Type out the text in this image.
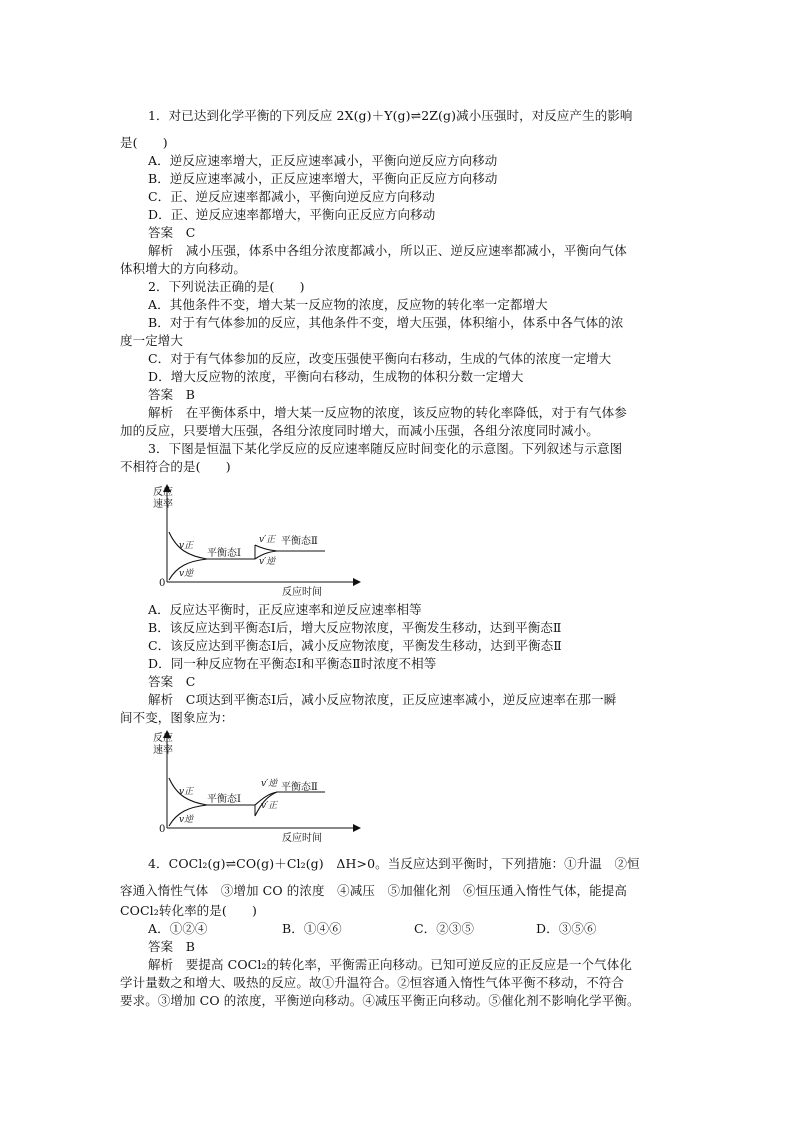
1．对已达到化学平衡的下列反应 2X(g)＋Y(g)⇌2Z(g)减小压强时，对反应产生的影响
是(　　)
A．逆反应速率增大，正反应速率减小，平衡向逆反应方向移动
B．逆反应速率减小，正反应速率增大，平衡向正反应方向移动
C．正、逆反应速率都减小，平衡向逆反应方向移动
D．正、逆反应速率都增大，平衡向正反应方向移动
答案　C
解析　减小压强，体系中各组分浓度都减小，所以正、逆反应速率都减小，平衡向气体
体积增大的方向移动。
2．下列说法正确的是(　　)
A．其他条件不变，增大某一反应物的浓度，反应物的转化率一定都增大
B．对于有气体参加的反应，其他条件不变，增大压强，体积缩小，体系中各气体的浓
度一定增大
C．对于有气体参加的反应，改变压强使平衡向右移动，生成的气体的浓度一定增大
D．增大反应物的浓度，平衡向右移动，生成物的体积分数一定增大
答案　B
解析　在平衡体系中，增大某一反应物的浓度，该反应物的转化率降低，对于有气体参
加的反应，只要增大压强，各组分浓度同时增大，而减小压强，各组分浓度同时减小。
3．下图是恒温下某化学反应的反应速率随反应时间变化的示意图。下列叙述与示意图
不相符合的是(　　)
反应
速率
0
反应时间
v正
v逆
平衡态Ⅰ
v′正
v′逆
平衡态Ⅱ
A．反应达平衡时，正反应速率和逆反应速率相等
B．该反应达到平衡态Ⅰ后，增大反应物浓度，平衡发生移动，达到平衡态Ⅱ
C．该反应达到平衡态Ⅰ后，减小反应物浓度，平衡发生移动，达到平衡态Ⅱ
D．同一种反应物在平衡态Ⅰ和平衡态Ⅱ时浓度不相等
答案　C
解析　C项达到平衡态Ⅰ后，减小反应物浓度，正反应速率减小，逆反应速率在那一瞬
间不变，图象应为：
反应
速率
0
反应时间
v正
v逆
平衡态Ⅰ
v′逆
v′正
平衡态Ⅱ
4．COCl₂(g)⇌CO(g)＋Cl₂(g)　ΔH>0。当反应达到平衡时，下列措施：①升温　②恒
容通入惰性气体　③增加 CO 的浓度　④减压　⑤加催化剂　⑥恒压通入惰性气体，能提高
COCl₂转化率的是(　　)
A．①②④	B．①④⑥	C．②③⑤	D．③⑤⑥
答案　B
解析　要提高 COCl₂的转化率，平衡需正向移动。已知可逆反应的正反应是一个气体化
学计量数之和增大、吸热的反应。故①升温符合。②恒容通入惰性气体平衡不移动，不符合
要求。③增加 CO 的浓度，平衡逆向移动。④减压平衡正向移动。⑤催化剂不影响化学平衡。
